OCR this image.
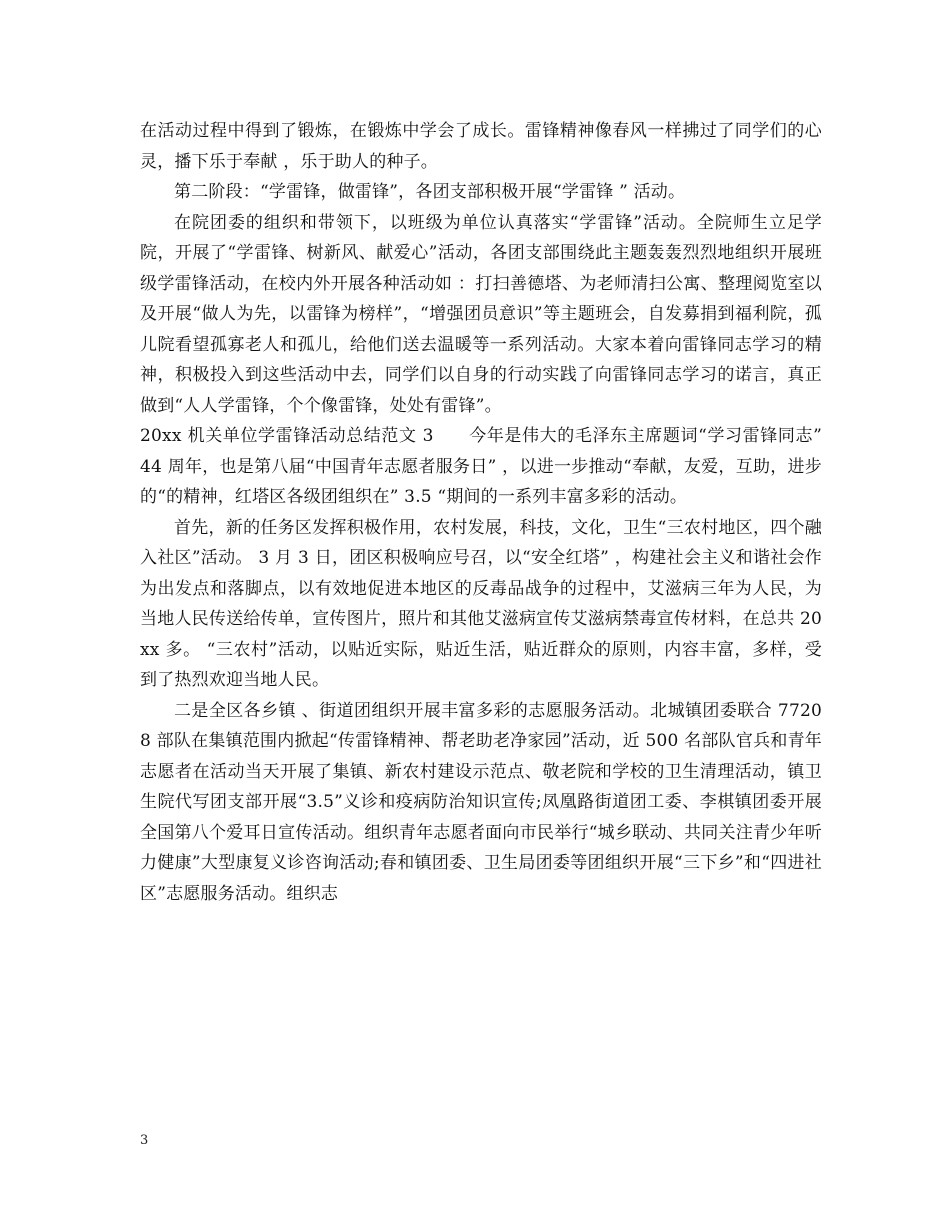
在活动过程中得到了锻炼，在锻炼中学会了成长。雷锋精神像春风一样拂过了同学们的心灵，播下乐于奉献 ，乐于助人的种子。

第二阶段：“学雷锋，做雷锋”，各团支部积极开展“学雷锋 ” 活动。

在院团委的组织和带领下，以班级为单位认真落实“学雷锋”活动。全院师生立足学院，开展了“学雷锋、树新风、献爱心”活动，各团支部围绕此主题轰轰烈烈地组织开展班级学雷锋活动，在校内外开展各种活动如 ：打扫善德塔、为老师清扫公寓、整理阅览室以及开展“做人为先，以雷锋为榜样”，“增强团员意识”等主题班会，自发募捐到福利院，孤儿院看望孤寡老人和孤儿，给他们送去温暖等一系列活动。大家本着向雷锋同志学习的精神，积极投入到这些活动中去，同学们以自身的行动实践了向雷锋同志学习的诺言，真正做到“人人学雷锋，个个像雷锋，处处有雷锋”。

20xx 机关单位学雷锋活动总结范文 3　　今年是伟大的毛泽东主席题词“学习雷锋同志” 44 周年，也是第八届“中国青年志愿者服务日” ，以进一步推动“奉献，友爱，互助，进步的“的精神，红塔区各级团组织在” 3.5 “期间的一系列丰富多彩的活动。

首先，新的任务区发挥积极作用，农村发展，科技，文化，卫生“三农村地区，四个融入社区”活动。 3 月 3 日，团区积极响应号召，以“安全红塔” ，构建社会主义和谐社会作为出发点和落脚点，以有效地促进本地区的反毒品战争的过程中，艾滋病三年为人民，为当地人民传送给传单，宣传图片，照片和其他艾滋病宣传艾滋病禁毒宣传材料，在总共 20xx 多。 “三农村”活动，以贴近实际，贴近生活，贴近群众的原则，内容丰富，多样，受到了热烈欢迎当地人民。

二是全区各乡镇 、街道团组织开展丰富多彩的志愿服务活动。北城镇团委联合 77208 部队在集镇范围内掀起“传雷锋精神、帮老助老净家园”活动，近 500 名部队官兵和青年志愿者在活动当天开展了集镇、新农村建设示范点、敬老院和学校的卫生清理活动，镇卫生院代写团支部开展“3.5”义诊和疫病防治知识宣传;凤凰路街道团工委、李棋镇团委开展全国第八个爱耳日宣传活动。组织青年志愿者面向市民举行“城乡联动、共同关注青少年听力健康”大型康复义诊咨询活动;春和镇团委、卫生局团委等团组织开展“三下乡”和“四进社区”志愿服务活动。组织志

3
